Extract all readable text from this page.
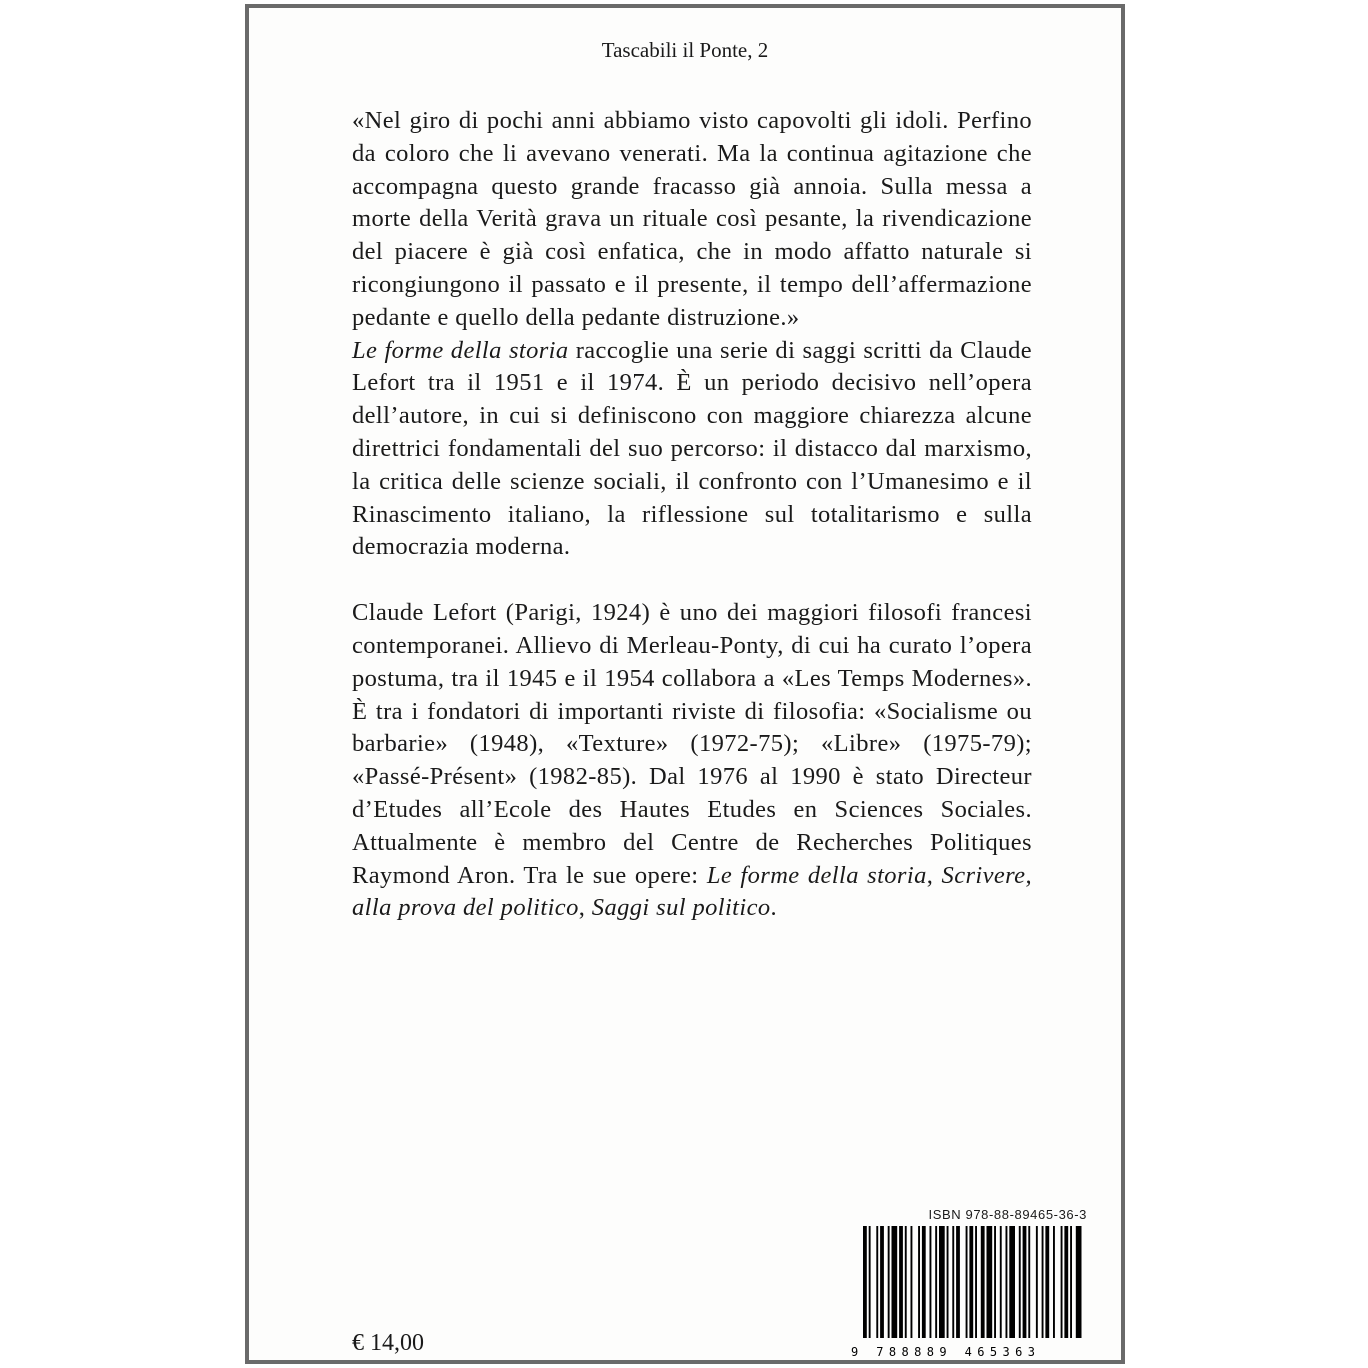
Tascabili il Ponte, 2

«Nel giro di pochi anni abbiamo visto capovolti gli idoli. Perfino da coloro che li avevano venerati. Ma la continua agitazione che accompagna questo grande fracasso già annoia. Sulla messa a morte della Verità grava un rituale così pesante, la rivendicazione del piacere è già così enfatica, che in modo affatto naturale si ricongiungono il passato e il presente, il tempo dell’affermazione pedante e quello della pedante distruzione.»

Le forme della storia raccoglie una serie di saggi scritti da Claude Lefort tra il 1951 e il 1974. È un periodo decisivo nell’opera dell’autore, in cui si definiscono con maggiore chiarezza alcune direttrici fondamentali del suo percorso: il distacco dal marxismo, la critica delle scienze sociali, il confronto con l’Umanesimo e il Rinascimento italiano, la riflessione sul totalitarismo e sulla democrazia moderna.

Claude Lefort (Parigi, 1924) è uno dei maggiori filosofi francesi contemporanei. Allievo di Merleau-Ponty, di cui ha curato l’opera postuma, tra il 1945 e il 1954 collabora a «Les Temps Modernes». È tra i fondatori di importanti riviste di filosofia: «Socialisme ou barbarie» (1948), «Texture» (1972-75); «Libre» (1975-79); «Passé-Présent» (1982-85). Dal 1976 al 1990 è stato Directeur d’Etudes all’Ecole des Hautes Etudes en Sciences Sociales. Attualmente è membro del Centre de Recherches Politiques Raymond Aron. Tra le sue opere: Le forme della storia, Scrivere, alla prova del politico, Saggi sul politico.

ISBN 978-88-89465-36-3
9 788889 465363
€ 14,00
